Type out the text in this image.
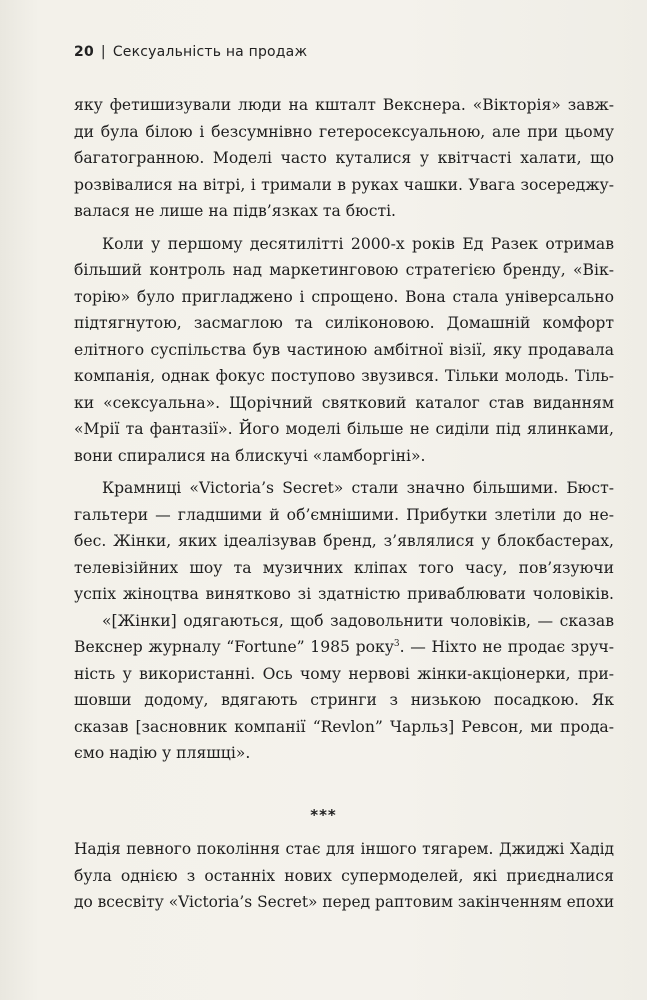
20 | Сексуальність на продаж
яку фетишизували люди на кшталт Векснера. «Вікторія» завж-
ди була білою і безсумнівно гетеросексуальною, але при цьому
багатогранною. Моделі часто куталися у квітчасті халати, що
розвівалися на вітрі, і тримали в руках чашки. Увага зосереджу-
валася не лише на підв’язках та бюсті.
Коли у першому десятилітті 2000-х років Ед Разек отримав
більший контроль над маркетинговою стратегією бренду, «Вік-
торію» було пригладжено і спрощено. Вона стала універсально
підтягнутою, засмаглою та силіконовою. Домашній комфорт
елітного суспільства був частиною амбітної візії, яку продавала
компанія, однак фокус поступово звузився. Тільки молодь. Тіль-
ки «сексуальна». Щорічний святковий каталог став виданням
«Мрії та фантазії». Його моделі більше не сиділи під ялинками,
вони спиралися на блискучі «ламборгіні».
Крамниці «Victoria’s Secret» стали значно більшими. Бюст-
гальтери — гладшими й об’ємнішими. Прибутки злетіли до не-
бес. Жінки, яких ідеалізував бренд, з’являлися у блокбастерах,
телевізійних шоу та музичних кліпах того часу, пов’язуючи
успіх жіноцтва винятково зі здатністю приваблювати чоловіків.
«[Жінки] одягаються, щоб задовольнити чоловіків, — сказав
Векснер журналу “Fortune” 1985 року$^3$. — Ніхто не продає зруч-
ність у використанні. Ось чому нервові жінки-акціонерки, при-
шовши додому, вдягають стринги з низькою посадкою. Як
сказав [засновник компанії “Revlon” Чарльз] Ревсон, ми прода-
ємо надію у пляшці».
***
Надія певного покоління стає для іншого тягарем. Джиджі Хадід
була однією з останніх нових супермоделей, які приєдналися
до всесвіту «Victoria’s Secret» перед раптовим закінченням епохи
